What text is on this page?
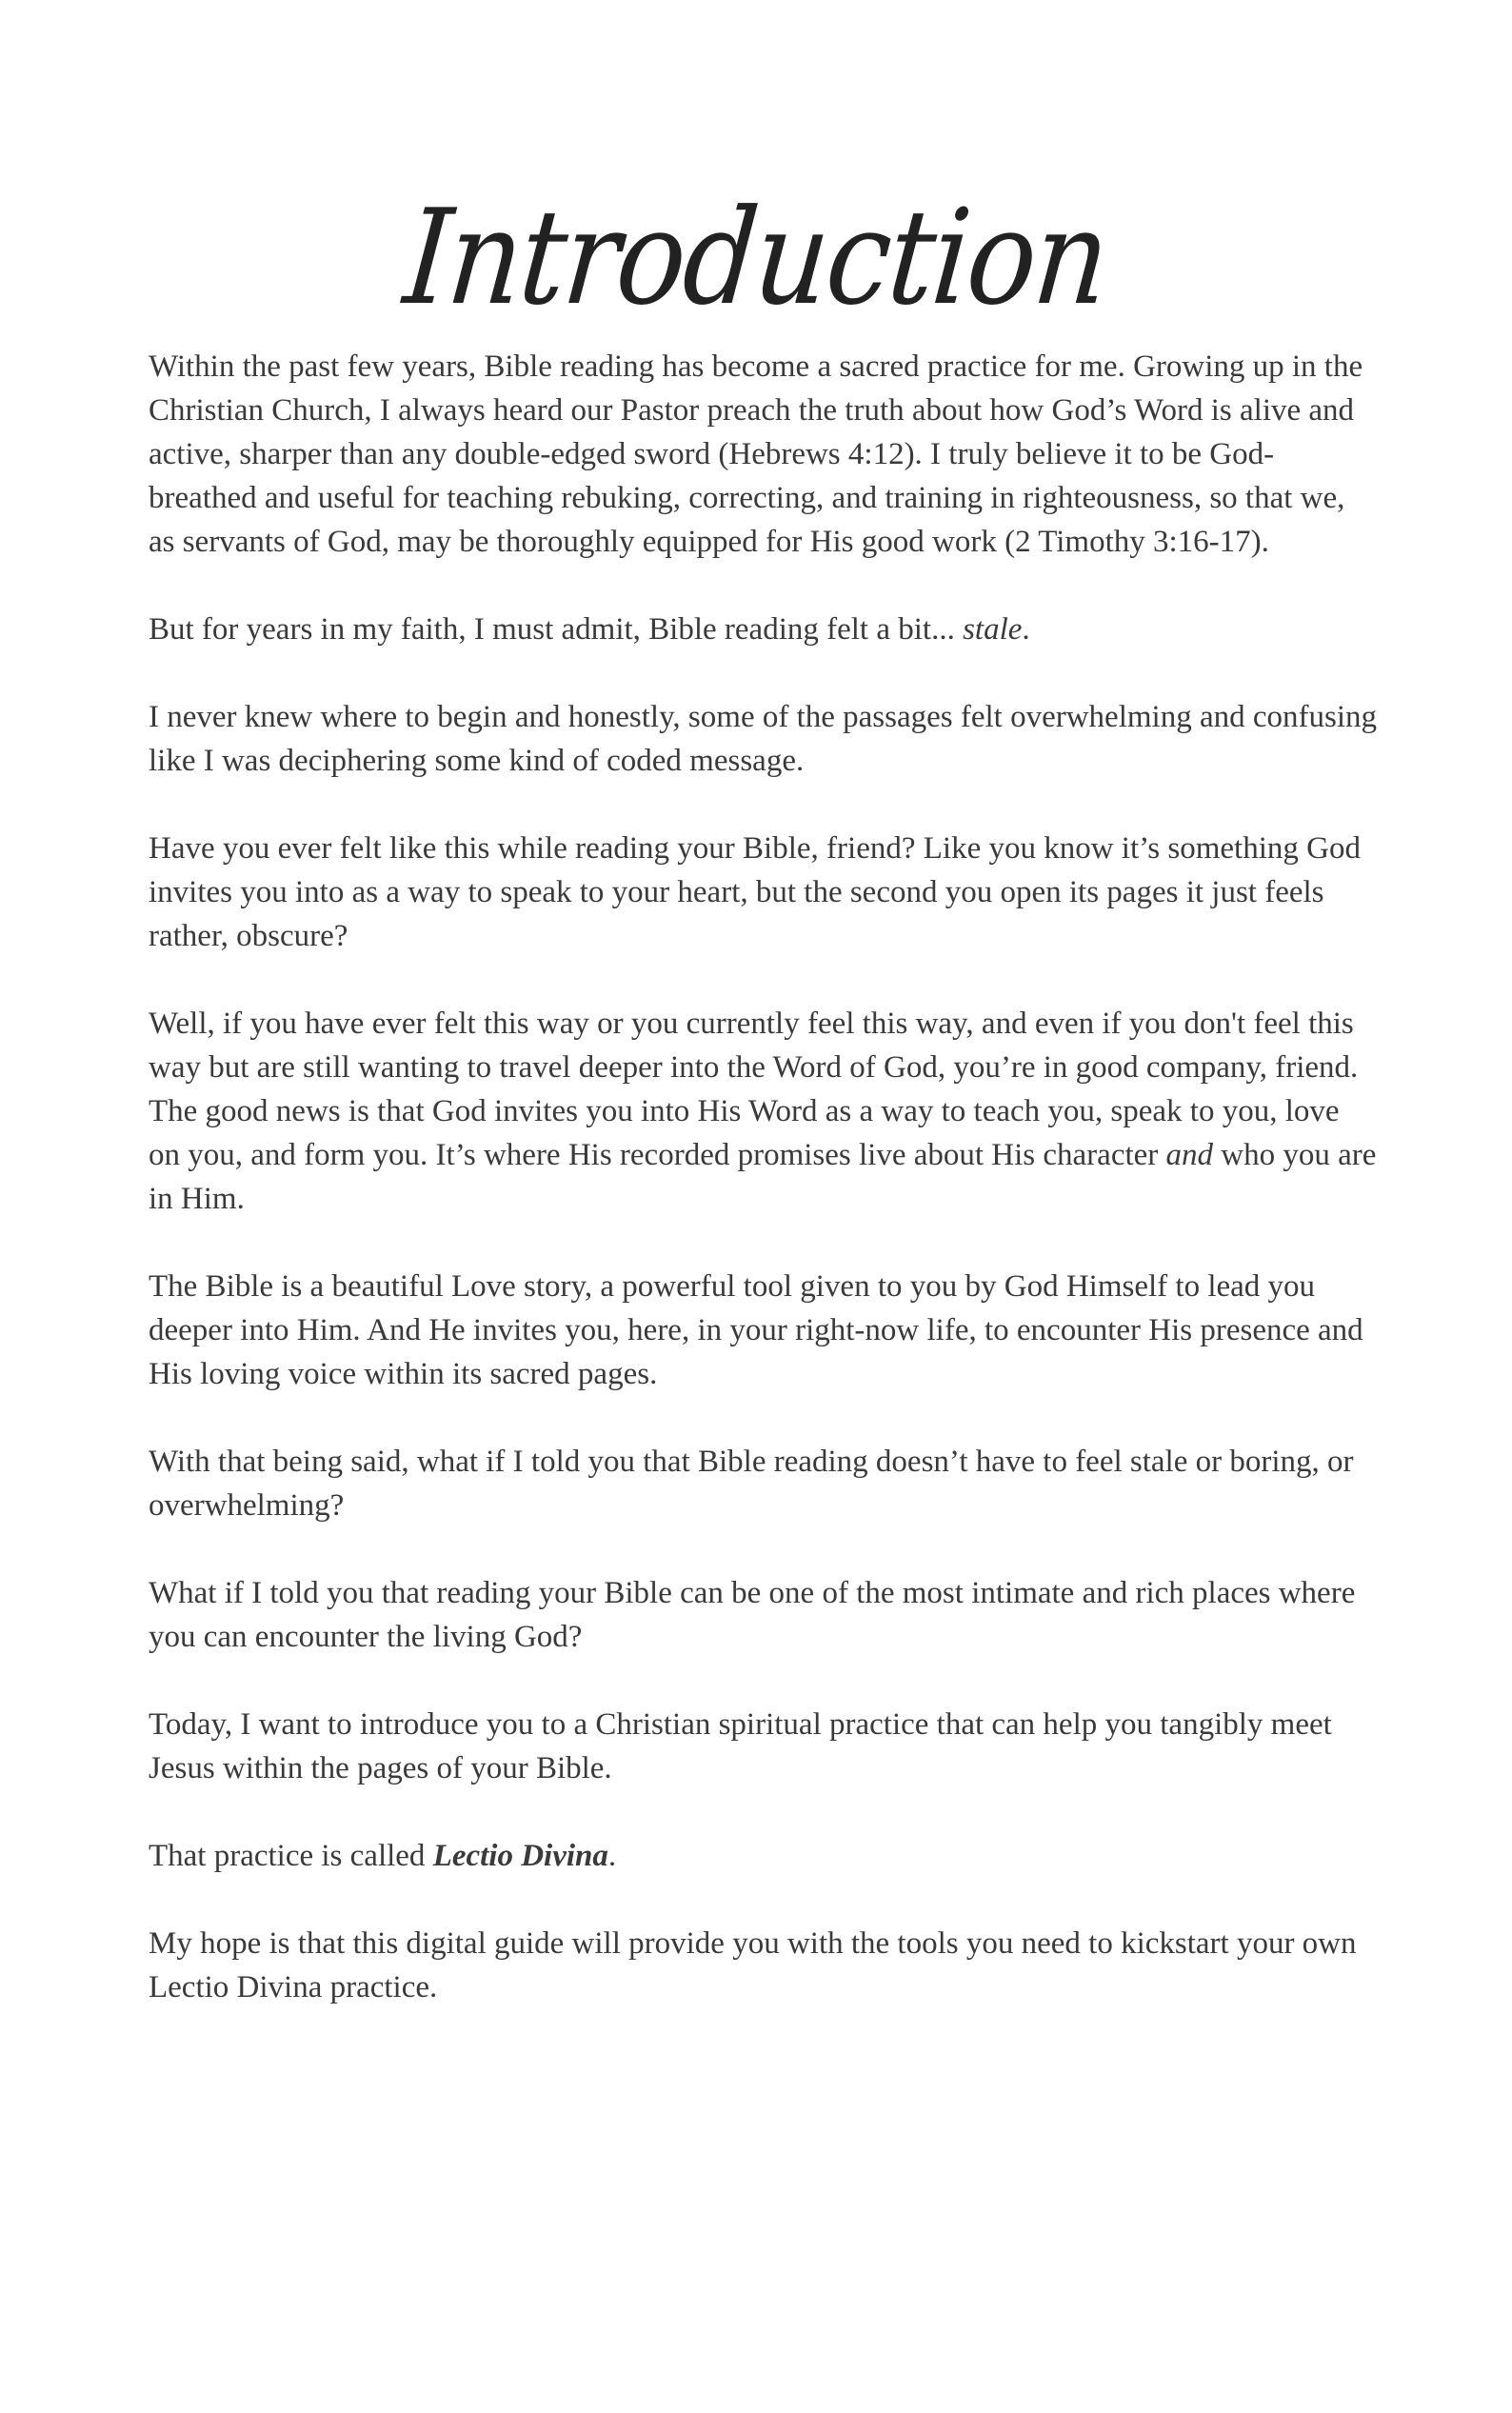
Introduction

Within the past few years, Bible reading has become a sacred practice for me. Growing up in the Christian Church, I always heard our Pastor preach the truth about how God’s Word is alive and active, sharper than any double-edged sword (Hebrews 4:12). I truly believe it to be God-breathed and useful for teaching rebuking, correcting, and training in righteousness, so that we, as servants of God, may be thoroughly equipped for His good work (2 Timothy 3:16-17).

But for years in my faith, I must admit, Bible reading felt a bit... stale.

I never knew where to begin and honestly, some of the passages felt overwhelming and confusing like I was deciphering some kind of coded message.

Have you ever felt like this while reading your Bible, friend? Like you know it’s something God invites you into as a way to speak to your heart, but the second you open its pages it just feels rather, obscure?

Well, if you have ever felt this way or you currently feel this way, and even if you don't feel this way but are still wanting to travel deeper into the Word of God, you’re in good company, friend. The good news is that God invites you into His Word as a way to teach you, speak to you, love on you, and form you. It’s where His recorded promises live about His character and who you are in Him.

The Bible is a beautiful Love story, a powerful tool given to you by God Himself to lead you deeper into Him. And He invites you, here, in your right-now life, to encounter His presence and His loving voice within its sacred pages.

With that being said, what if I told you that Bible reading doesn’t have to feel stale or boring, or overwhelming?

What if I told you that reading your Bible can be one of the most intimate and rich places where you can encounter the living God?

Today, I want to introduce you to a Christian spiritual practice that can help you tangibly meet Jesus within the pages of your Bible.

That practice is called Lectio Divina.

My hope is that this digital guide will provide you with the tools you need to kickstart your own Lectio Divina practice.
